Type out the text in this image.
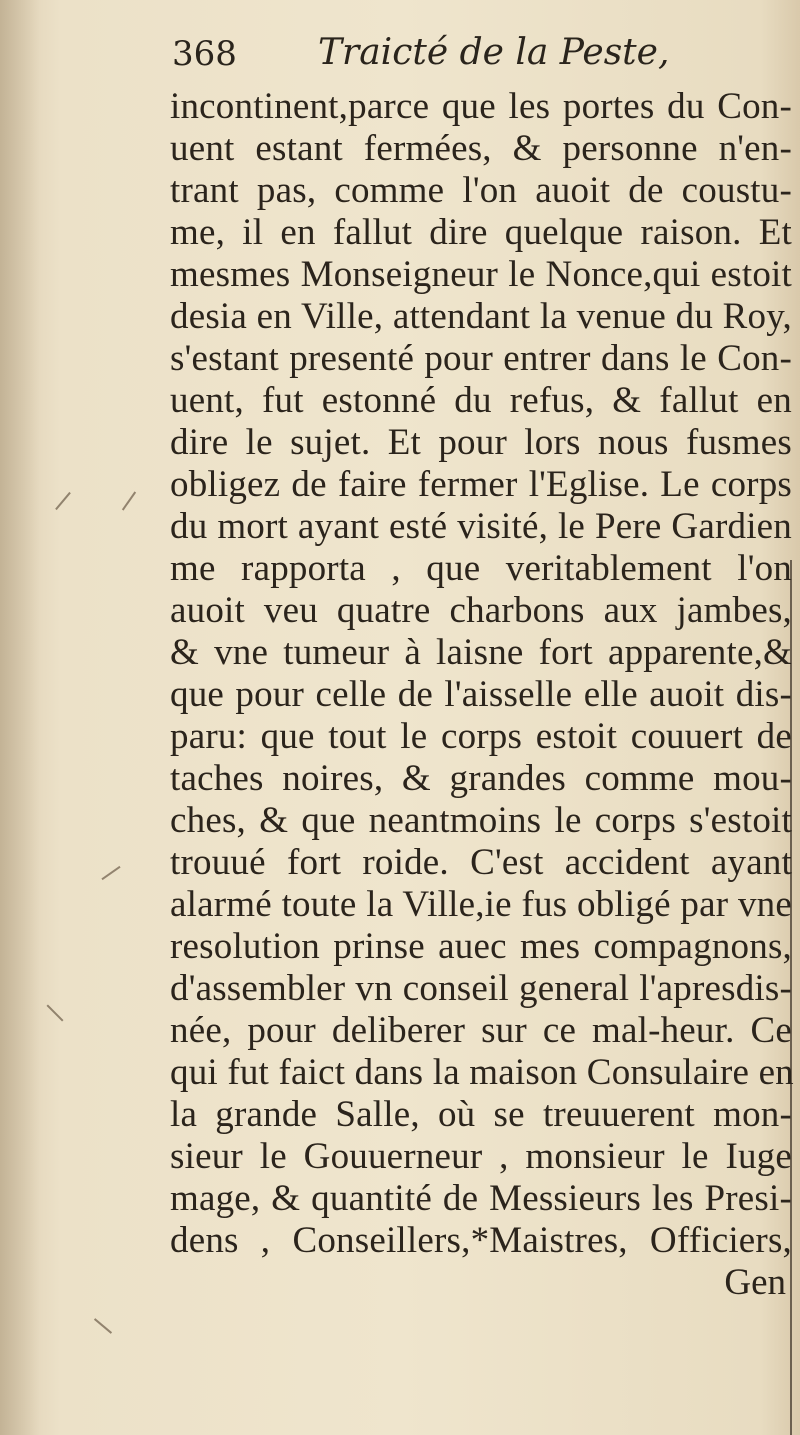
368 Traicté de la Peste,
incontinent,parce que les portes du Con-
uent estant fermées, & personne n'en-
trant pas, comme l'on auoit de coustu-
me, il en fallut dire quelque raison. Et
mesmes Monseigneur le Nonce,qui estoit
desia en Ville, attendant la venue du Roy,
s'estant presenté pour entrer dans le Con-
uent, fut estonné du refus, & fallut en
dire le sujet. Et pour lors nous fusmes
obligez de faire fermer l'Eglise. Le corps
du mort ayant esté visité, le Pere Gardien
me rapporta , que veritablement l'on
auoit veu quatre charbons aux jambes,
& vne tumeur à laisne fort apparente,&
que pour celle de l'aisselle elle auoit dis-
paru: que tout le corps estoit couuert de
taches noires, & grandes comme mou-
ches, & que neantmoins le corps s'estoit
trouué fort roide. C'est accident ayant
alarmé toute la Ville,ie fus obligé par vne
resolution prinse auec mes compagnons,
d'assembler vn conseil general l'apresdis-
née, pour deliberer sur ce mal-heur. Ce
qui fut faict dans la maison Consulaire en
la grande Salle, où se treuuerent mon-
sieur le Gouuerneur , monsieur le Iuge
mage, & quantité de Messieurs les Presi-
dens , Conseillers,*Maistres, Officiers,
Gen
